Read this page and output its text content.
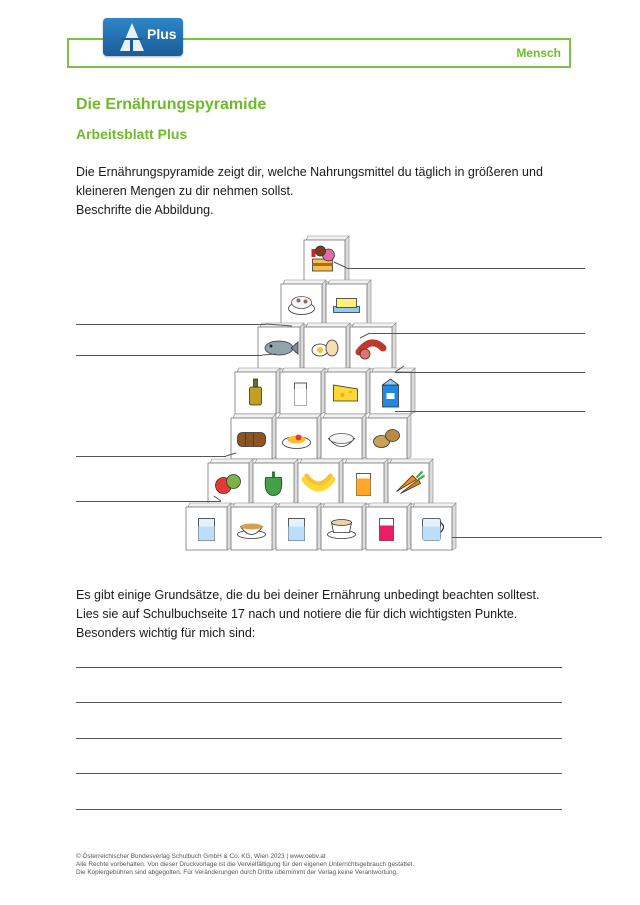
Mensch
Plus
Die Ernährungspyramide
Arbeitsblatt Plus
Die Ernährungspyramide zeigt dir, welche Nahrungsmittel du täglich in größeren und
kleineren Mengen zu dir nehmen sollst.
Beschrifte die Abbildung.
Es gibt einige Grundsätze, die du bei deiner Ernährung unbedingt beachten solltest.
Lies sie auf Schulbuchseite 17 nach und notiere die für dich wichtigsten Punkte.
Besonders wichtig für mich sind:
© Österreichischer Bundesverlag Schulbuch GmbH & Co. KG, Wien 2023 | www.oebv.at
Alle Rechte vorbehalten. Von dieser Druckvorlage ist die Vervielfältigung für den eigenen Unterrichtsgebrauch gestattet.
Die Kopiergebühren sind abgegolten. Für Veränderungen durch Dritte übernimmt der Verlag keine Verantwortung.
